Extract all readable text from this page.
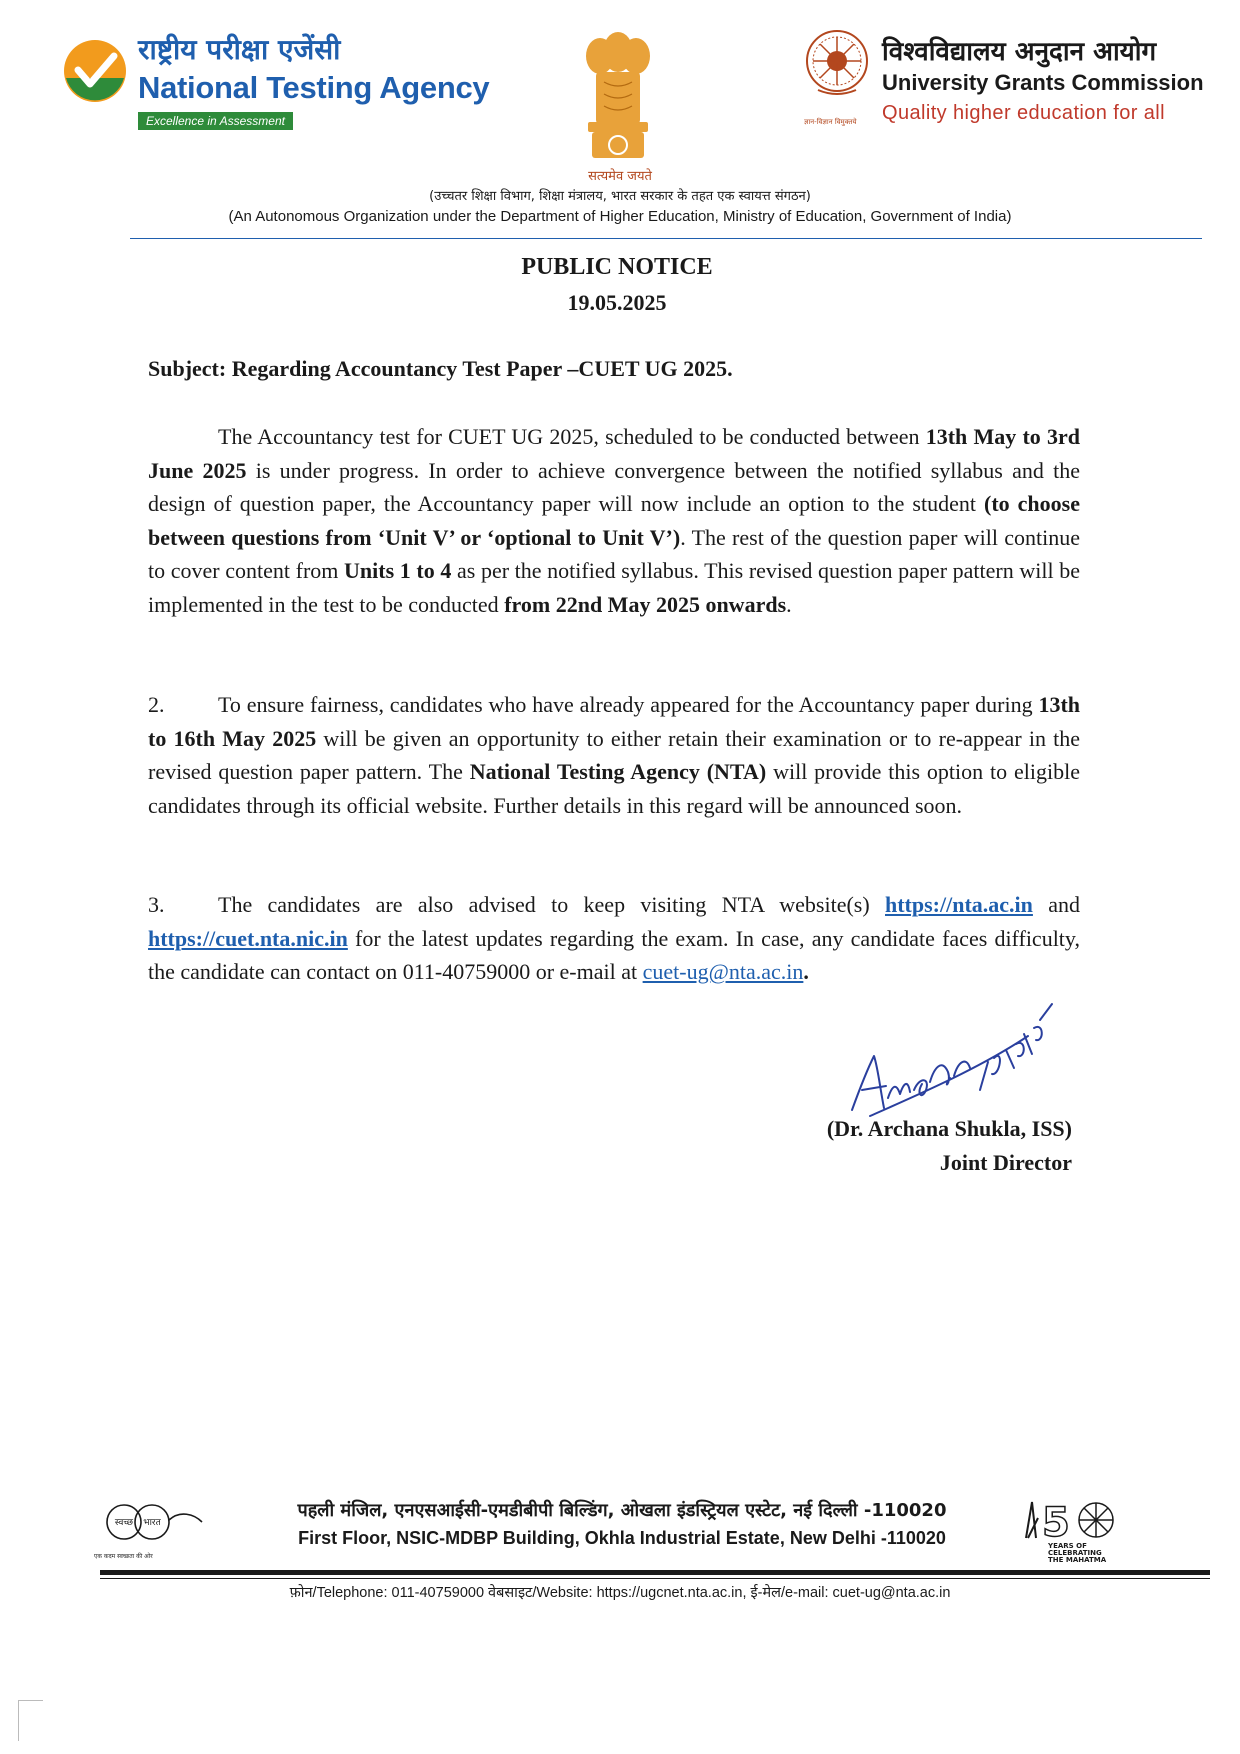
राष्ट्रीय परीक्षा एजेंसी
National Testing Agency
Excellence in Assessment
सत्यमेव जयते
ज्ञान-विज्ञान विमुक्तये
विश्वविद्यालय अनुदान आयोग
University Grants Commission
Quality higher education for all
(उच्चतर शिक्षा विभाग, शिक्षा मंत्रालय, भारत सरकार के तहत एक स्वायत्त संगठन)
(An Autonomous Organization under the Department of Higher Education, Ministry of Education, Government of India)
PUBLIC NOTICE
19.05.2025
Subject: Regarding Accountancy Test Paper –CUET UG 2025.
The Accountancy test for CUET UG 2025, scheduled to be conducted between 13th May to 3rd June 2025 is under progress. In order to achieve convergence between the notified syllabus and the design of question paper, the Accountancy paper will now include an option to the student (to choose between questions from ‘Unit V’ or ‘optional to Unit V’). The rest of the question paper will continue to cover content from Units 1 to 4 as per the notified syllabus. This revised question paper pattern will be implemented in the test to be conducted from 22nd May 2025 onwards.
2. To ensure fairness, candidates who have already appeared for the Accountancy paper during 13th to 16th May 2025 will be given an opportunity to either retain their examination or to re-appear in the revised question paper pattern. The National Testing Agency (NTA) will provide this option to eligible candidates through its official website. Further details in this regard will be announced soon.
3. The candidates are also advised to keep visiting NTA website(s) https://nta.ac.in and https://cuet.nta.nic.in for the latest updates regarding the exam. In case, any candidate faces difficulty, the candidate can contact on 011-40759000 or e-mail at cuet-ug@nta.ac.in.
(Dr. Archana Shukla, ISS)
Joint Director
स्वच्छ भारत
एक कदम स्वच्छता की ओर
पहली मंजिल, एनएसआईसी-एमडीबीपी बिल्डिंग, ओखला इंडस्ट्रियल एस्टेट, नई दिल्ली -110020
First Floor, NSIC-MDBP Building, Okhla Industrial Estate, New Delhi -110020	5
YEARS OF
CELEBRATING
THE MAHATMA
फ़ोन/Telephone: 011-40759000 वेबसाइट/Website: https://ugcnet.nta.ac.in, ई-मेल/e-mail: cuet-ug@nta.ac.in
